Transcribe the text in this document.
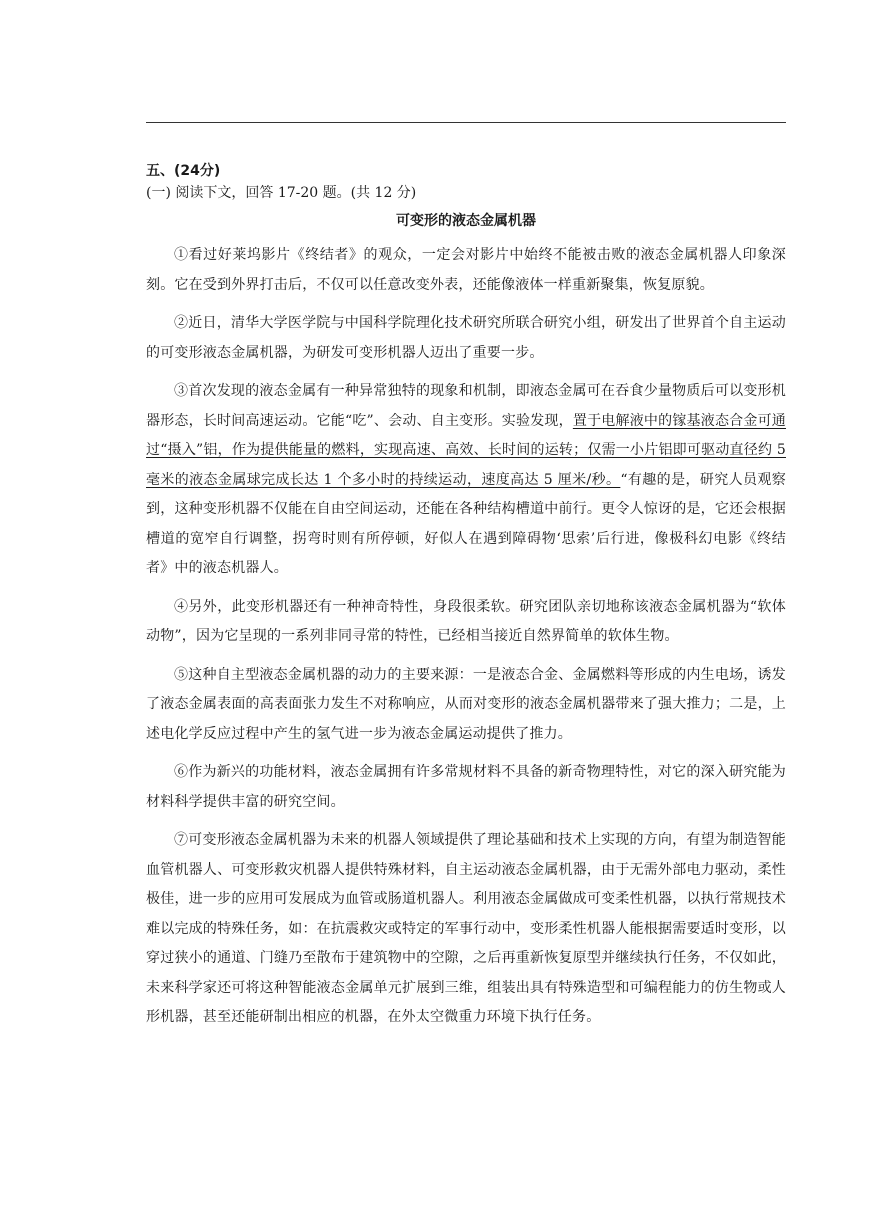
五、(24分)

(一) 阅读下文，回答 17-20 题。(共 12 分)

可变形的液态金属机器

①看过好莱坞影片《终结者》的观众，一定会对影片中始终不能被击败的液态金属机器人印象深刻。它在受到外界打击后，不仅可以任意改变外表，还能像液体一样重新聚集，恢复原貌。

②近日，清华大学医学院与中国科学院理化技术研究所联合研究小组，研发出了世界首个自主运动的可变形液态金属机器，为研发可变形机器人迈出了重要一步。

③首次发现的液态金属有一种异常独特的现象和机制，即液态金属可在吞食少量物质后可以变形机器形态，长时间高速运动。它能“吃”、会动、自主变形。实验发现，置于电解液中的镓基液态合金可通过“摄入”铝，作为提供能量的燃料，实现高速、高效、长时间的运转；仅需一小片铝即可驱动直径约 5 毫米的液态金属球完成长达 1 个多小时的持续运动，速度高达 5 厘米/秒。“有趣的是，研究人员观察到，这种变形机器不仅能在自由空间运动，还能在各种结构槽道中前行。更令人惊讶的是，它还会根据槽道的宽窄自行调整，拐弯时则有所停顿，好似人在遇到障碍物‘思索’后行进，像极科幻电影《终结者》中的液态机器人。

④另外，此变形机器还有一种神奇特性，身段很柔软。研究团队亲切地称该液态金属机器为“软体动物”，因为它呈现的一系列非同寻常的特性，已经相当接近自然界简单的软体生物。

⑤这种自主型液态金属机器的动力的主要来源：一是液态合金、金属燃料等形成的内生电场，诱发了液态金属表面的高表面张力发生不对称响应，从而对变形的液态金属机器带来了强大推力；二是，上述电化学反应过程中产生的氢气进一步为液态金属运动提供了推力。

⑥作为新兴的功能材料，液态金属拥有许多常规材料不具备的新奇物理特性，对它的深入研究能为材料科学提供丰富的研究空间。

⑦可变形液态金属机器为未来的机器人领域提供了理论基础和技术上实现的方向，有望为制造智能血管机器人、可变形救灾机器人提供特殊材料，自主运动液态金属机器，由于无需外部电力驱动，柔性极佳，进一步的应用可发展成为血管或肠道机器人。利用液态金属做成可变柔性机器，以执行常规技术难以完成的特殊任务，如：在抗震救灾或特定的军事行动中，变形柔性机器人能根据需要适时变形，以穿过狭小的通道、门缝乃至散布于建筑物中的空隙，之后再重新恢复原型并继续执行任务，不仅如此，未来科学家还可将这种智能液态金属单元扩展到三维，组装出具有特殊造型和可编程能力的仿生物或人形机器，甚至还能研制出相应的机器，在外太空微重力环境下执行任务。
